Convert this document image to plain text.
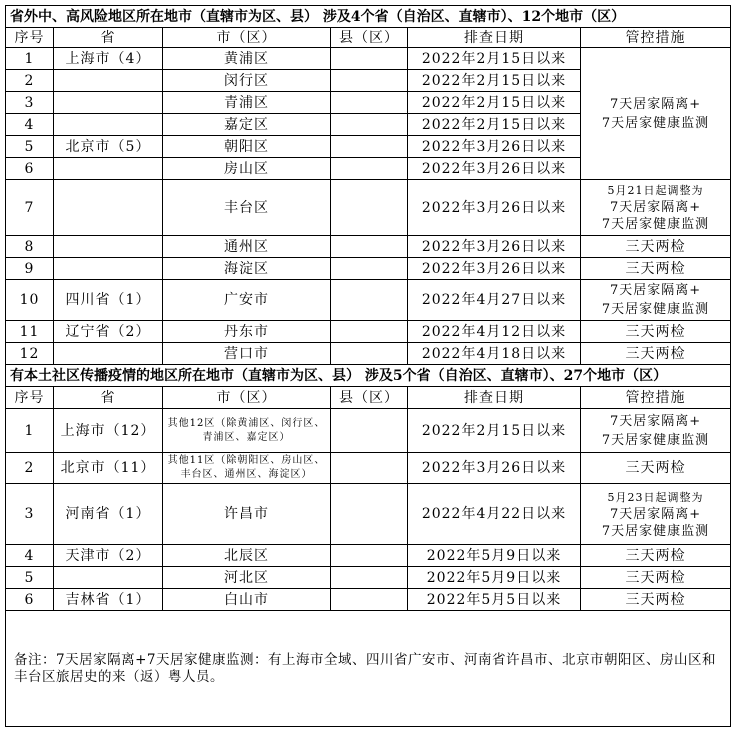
省外中、高风险地区所在地市（直辖市为区、县） 涉及4个省（自治区、直辖市）、12个地市（区）					
序号	省	市（区）	县（区）	排查日期	管控措施
1	上海市（4）	黄浦区		2022年2月15日以来	7天居家隔离+
7天居家健康监测

2		闵行区		2022年2月15日以来	
3		青浦区		2022年2月15日以来	
4		嘉定区		2022年2月15日以来	
5	北京市（5）	朝阳区		2022年3月26日以来	
6		房山区		2022年3月26日以来	
7		丰台区		2022年3月26日以来	5月21日起调整为
7天居家隔离+
7天居家健康监测

8		通州区		2022年3月26日以来	三天两检
9		海淀区		2022年3月26日以来	三天两检
10	四川省（1）	广安市		2022年4月27日以来	7天居家隔离+
7天居家健康监测

11	辽宁省（2）	丹东市		2022年4月12日以来	三天两检
12		营口市		2022年4月18日以来	三天两检
有本土社区传播疫情的地区所在地市（直辖市为区、县） 涉及5个省（自治区、直辖市）、27个地市（区）					
序号	省	市（区）	县（区）	排查日期	管控措施
1	上海市（12）	其他12区（除黄浦区、闵行区、青浦区、嘉定区）		2022年2月15日以来	7天居家隔离+
7天居家健康监测

2	北京市（11）	其他11区（除朝阳区、房山区、丰台区、通州区、海淀区）		2022年3月26日以来	三天两检
3	河南省（1）	许昌市		2022年4月22日以来	5月23日起调整为
7天居家隔离+
7天居家健康监测

4	天津市（2）	北辰区		2022年5月9日以来	三天两检
5		河北区		2022年5月9日以来	三天两检
6	吉林省（1）	白山市		2022年5月5日以来	三天两检
备注：7天居家隔离+7天居家健康监测：有上海市全域、四川省广安市、河南省许昌市、北京市朝阳区、房山区和丰台区旅居史的来（返）粤人员。					
